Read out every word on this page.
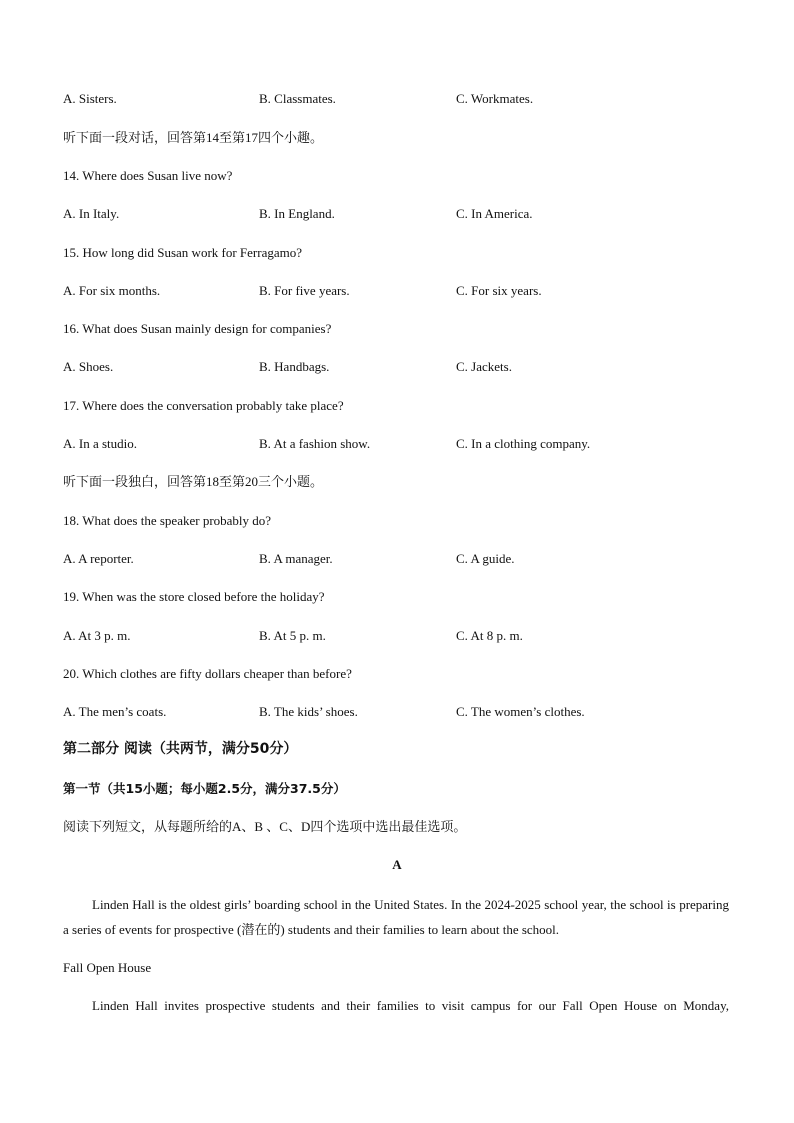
A. Sisters.	B. Classmates.	C. Workmates.
听下面一段对话，回答第14至第17四个小趣。
14. Where does Susan live now?
A. In Italy.	B. In England.	C. In America.
15. How long did Susan work for Ferragamo?
A. For six months.	B. For five years.	C. For six years.
16. What does Susan mainly design for companies?
A. Shoes.	B. Handbags.	C. Jackets.
17. Where does the conversation probably take place?
A. In a studio.	B. At a fashion show.	C. In a clothing company.
听下面一段独白，回答第18至第20三个小题。
18. What does the speaker probably do?
A. A reporter.	B. A manager.	C. A guide.
19. When was the store closed before the holiday?
A. At 3 p. m.	B. At 5 p. m.	C. At 8 p. m.
20. Which clothes are fifty dollars cheaper than before?
A. The men’s coats.	B. The kids’ shoes.	C. The women’s clothes.
第二部分 阅读（共两节，满分50分）
第一节（共15小题；每小题2.5分，满分37.5分）
阅读下列短文，从每题所给的A、B 、C、D四个选项中选出最佳选项。
A
Linden Hall is the oldest girls’ boarding school in the United States. In the 2024-2025 school year, the school is preparing a series of events for prospective (潜在的) students and their families to learn about the school.
Fall Open House
Linden Hall invites prospective students and their families to visit campus for our Fall Open House on Monday,
